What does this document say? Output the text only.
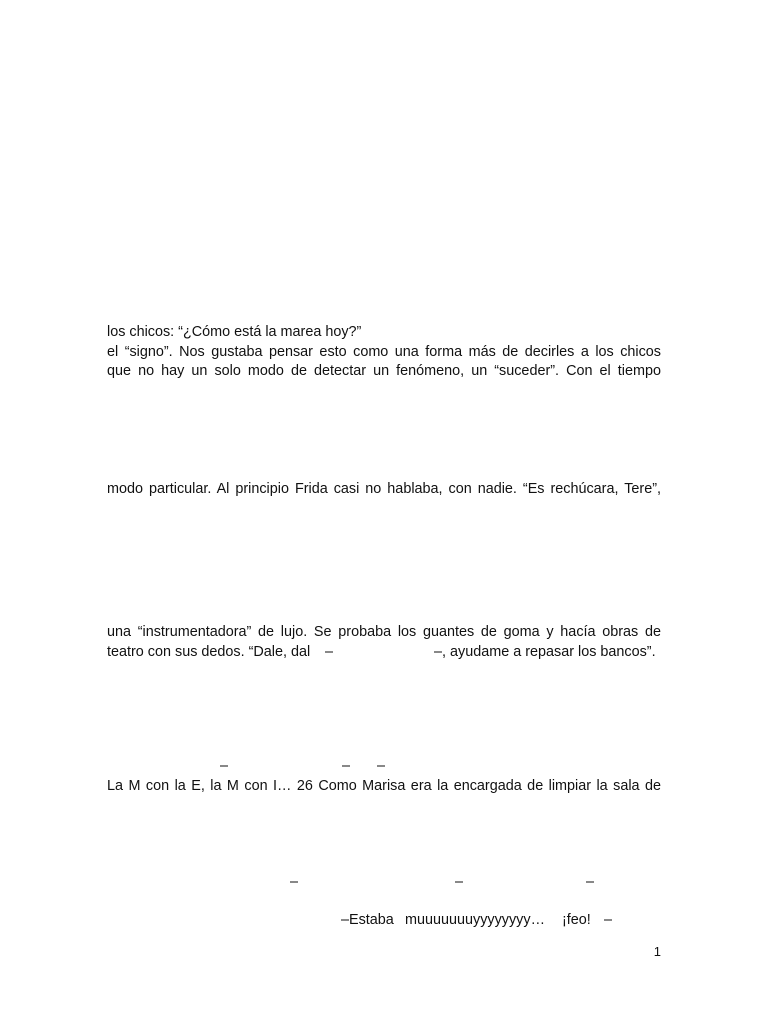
los chicos: “¿Cómo está la marea hoy?”
el “signo”. Nos gustaba pensar esto como una forma más de decirles a los chicos
que no hay un solo modo de detectar un fenómeno, un “suceder”. Con el tiempo
modo particular. Al principio Frida casi no hablaba, con nadie. “Es rechúcara, Tere”,
una “instrumentadora” de lujo. Se probaba los guantes de goma y hacía obras de
teatro con sus dedos. “Dale, dal –	–, ayudame a repasar los bancos”.
–	– –
La M con la E, la M con I… 26 Como Marisa era la encargada de limpiar la sala de
–	–	–
–Estaba muuuuuuuyyyyyyyy… ¡feo! –
1
